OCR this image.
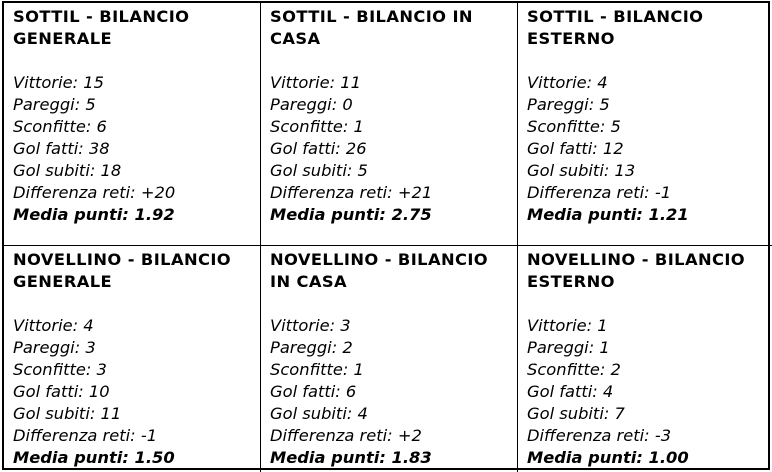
SOTTIL - BILANCIO GENERALE
Vittorie: 15
Pareggi: 5
Sconfitte: 6
Gol fatti: 38
Gol subiti: 18
Differenza reti: +20
Media punti: 1.92
SOTTIL - BILANCIO IN CASA
Vittorie: 11
Pareggi: 0
Sconfitte: 1
Gol fatti: 26
Gol subiti: 5
Differenza reti: +21
Media punti: 2.75
SOTTIL - BILANCIO ESTERNO
Vittorie: 4
Pareggi: 5
Sconfitte: 5
Gol fatti: 12
Gol subiti: 13
Differenza reti: -1
Media punti: 1.21
NOVELLINO - BILANCIO GENERALE
Vittorie: 4
Pareggi: 3
Sconfitte: 3
Gol fatti: 10
Gol subiti: 11
Differenza reti: -1
Media punti: 1.50
NOVELLINO - BILANCIO IN CASA
Vittorie: 3
Pareggi: 2
Sconfitte: 1
Gol fatti: 6
Gol subiti: 4
Differenza reti: +2
Media punti: 1.83
NOVELLINO - BILANCIO ESTERNO
Vittorie: 1
Pareggi: 1
Sconfitte: 2
Gol fatti: 4
Gol subiti: 7
Differenza reti: -3
Media punti: 1.00
